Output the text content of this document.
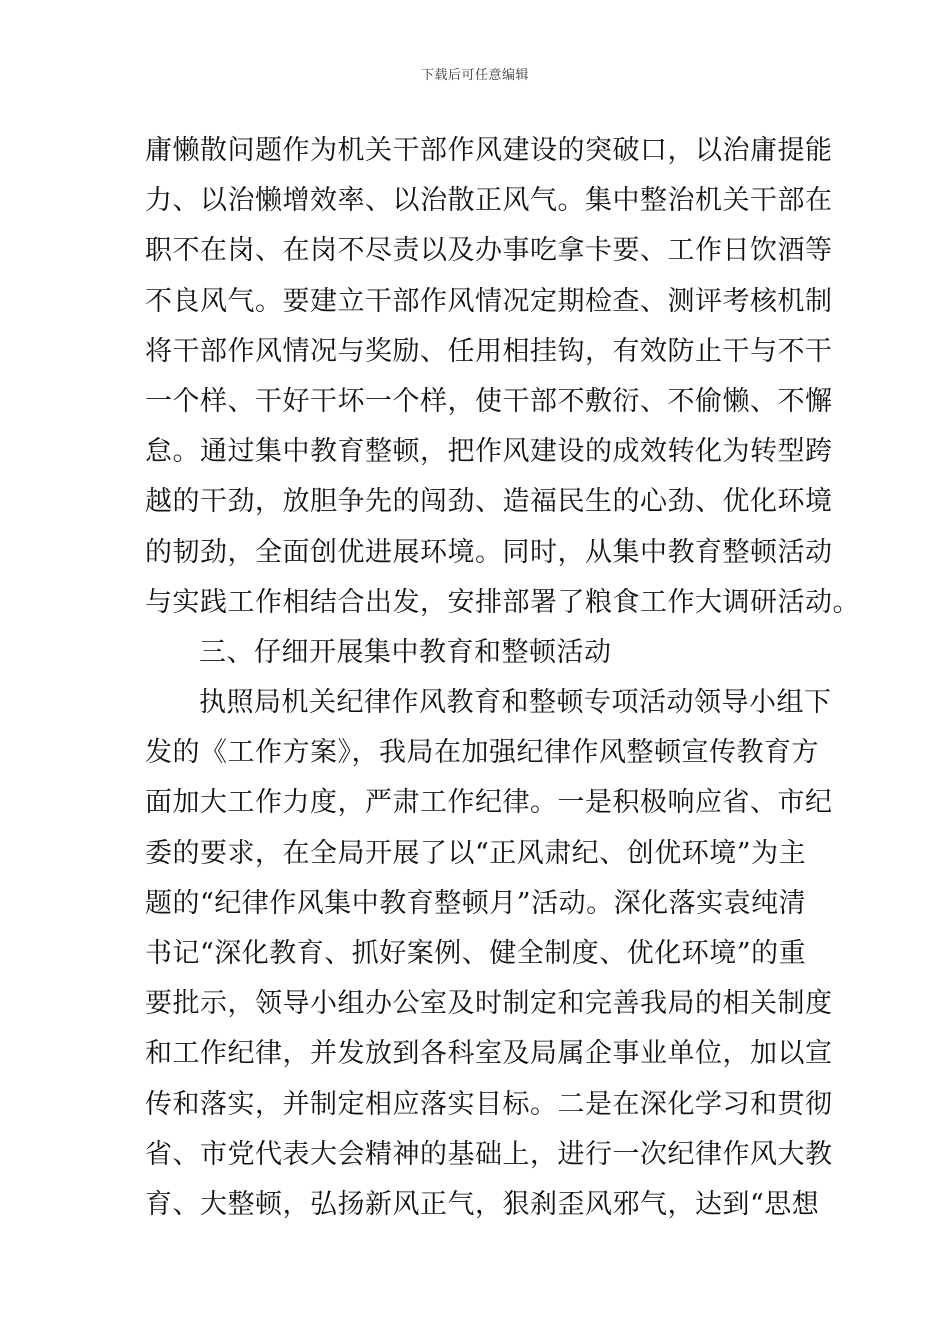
下载后可任意编辑
庸懒散问题作为机关干部作风建设的突破口，以治庸提能
力、以治懒增效率、以治散正风气。集中整治机关干部在
职不在岗、在岗不尽责以及办事吃拿卡要、工作日饮酒等
不良风气。要建立干部作风情况定期检查、测评考核机制
将干部作风情况与奖励、任用相挂钩，有效防止干与不干
一个样、干好干坏一个样，使干部不敷衍、不偷懒、不懈
怠。通过集中教育整顿，把作风建设的成效转化为转型跨
越的干劲，放胆争先的闯劲、造福民生的心劲、优化环境
的韧劲，全面创优进展环境。同时，从集中教育整顿活动
与实践工作相结合出发，安排部署了粮食工作大调研活动。
三、仔细开展集中教育和整顿活动
执照局机关纪律作风教育和整顿专项活动领导小组下
发的《工作方案》，我局在加强纪律作风整顿宣传教育方
面加大工作力度，严肃工作纪律。一是积极响应省、市纪
委的要求，在全局开展了以“正风肃纪、创优环境”为主
题的“纪律作风集中教育整顿月”活动。深化落实袁纯清
书记“深化教育、抓好案例、健全制度、优化环境”的重
要批示，领导小组办公室及时制定和完善我局的相关制度
和工作纪律，并发放到各科室及局属企事业单位，加以宣
传和落实，并制定相应落实目标。二是在深化学习和贯彻
省、市党代表大会精神的基础上，进行一次纪律作风大教
育、大整顿，弘扬新风正气，狠刹歪风邪气，达到“思想
